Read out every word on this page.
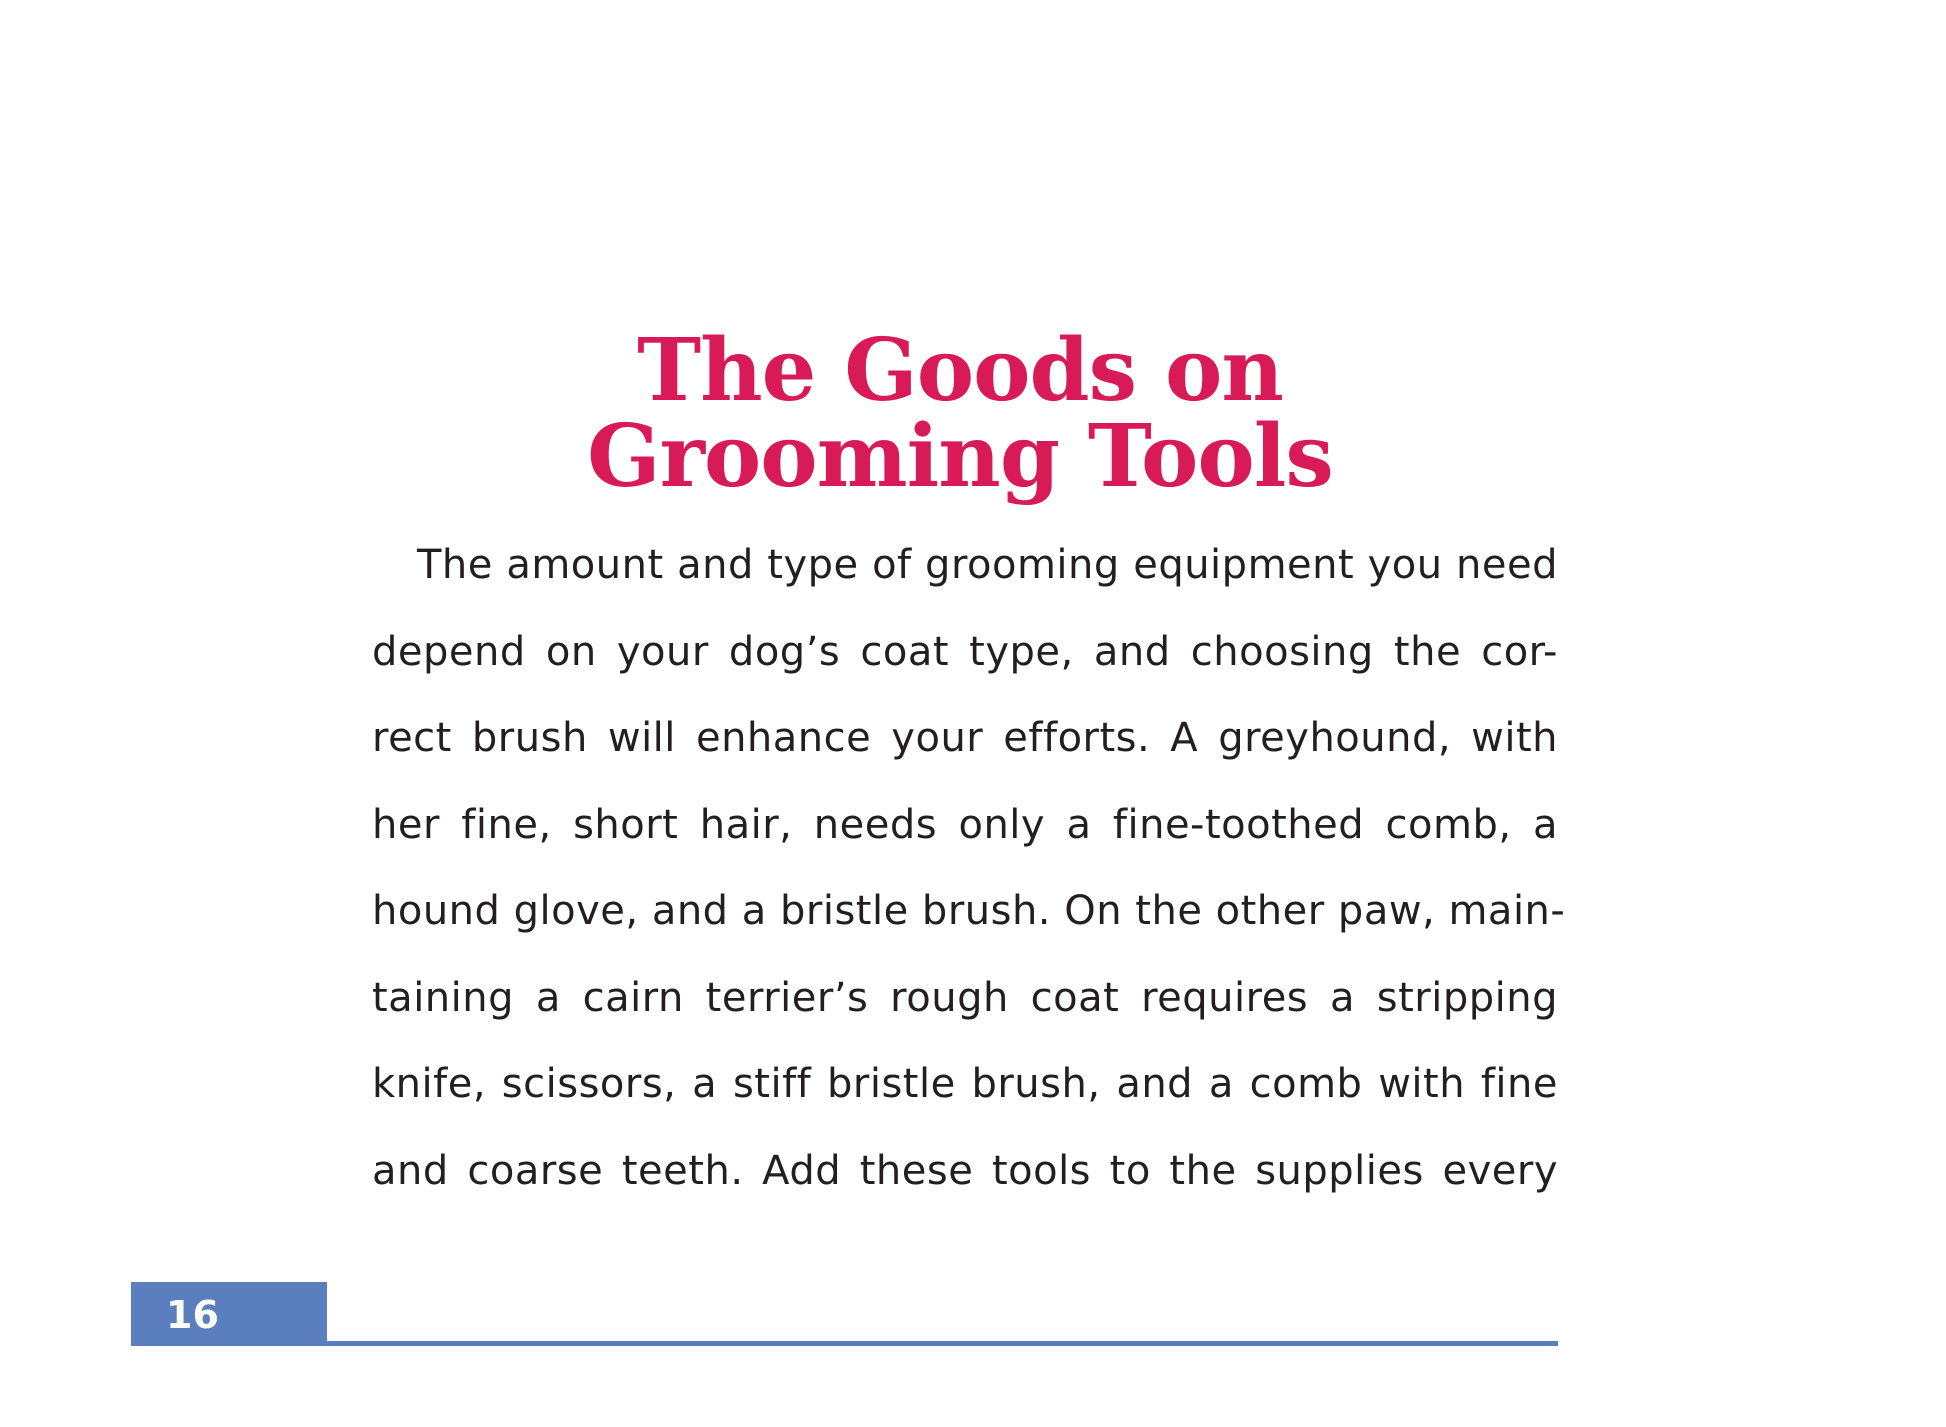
The Goods on
Grooming Tools
The amount and type of grooming equipment you need
depend on your dog’s coat type, and choosing the cor-
rect brush will enhance your efforts. A greyhound, with
her fine, short hair, needs only a fine-toothed comb, a
hound glove, and a bristle brush. On the other paw, main-
taining a cairn terrier’s rough coat requires a stripping
knife, scissors, a stiff bristle brush, and a comb with fine
and coarse teeth. Add these tools to the supplies every
16
